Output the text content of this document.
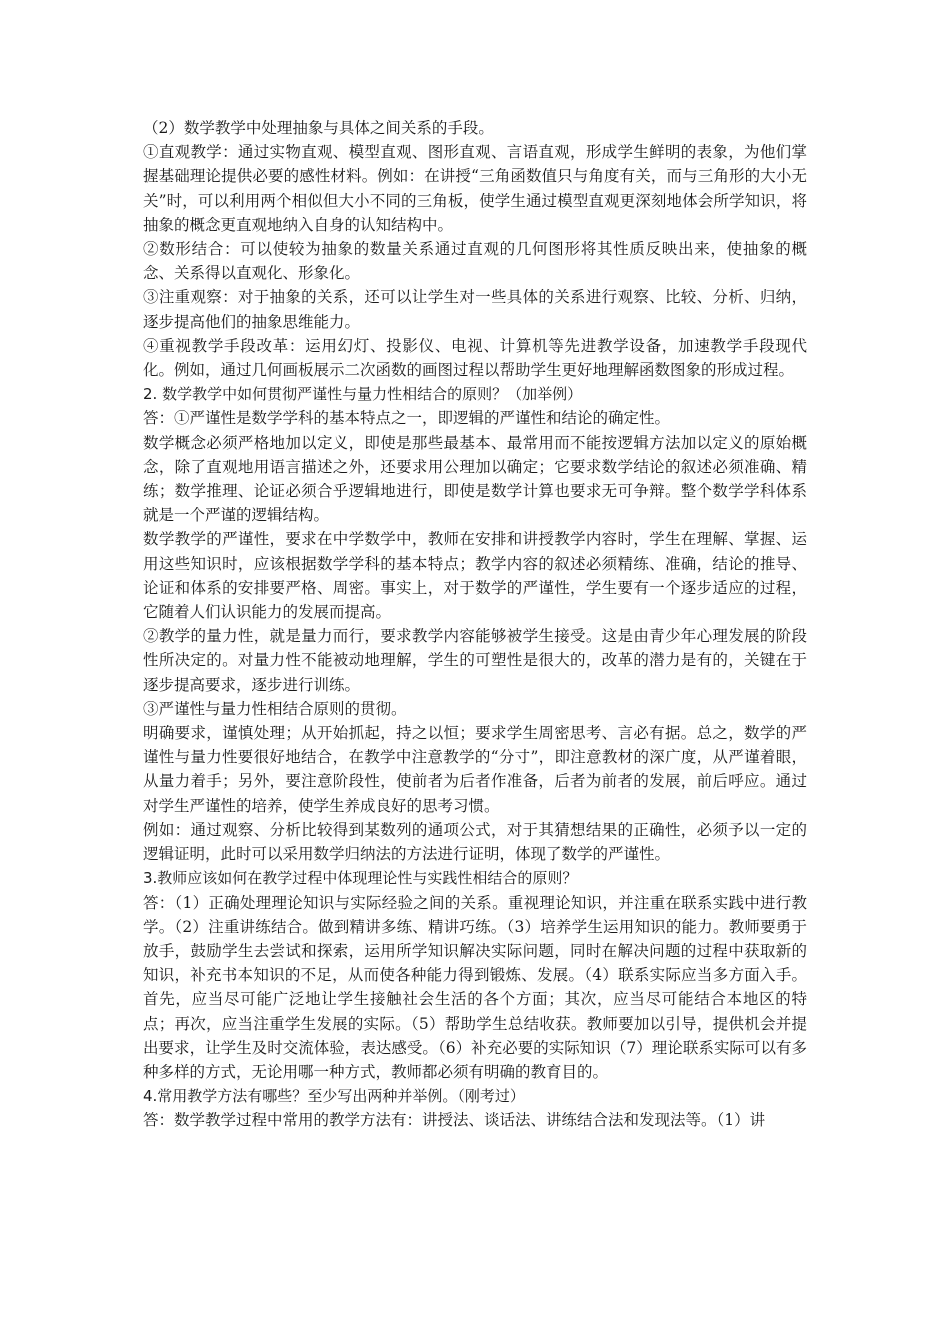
（2）数学教学中处理抽象与具体之间关系的手段。

①直观教学：通过实物直观、模型直观、图形直观、言语直观，形成学生鲜明的表象，为他们掌握基础理论提供必要的感性材料。例如：在讲授“三角函数值只与角度有关，而与三角形的大小无关”时，可以利用两个相似但大小不同的三角板，使学生通过模型直观更深刻地体会所学知识，将抽象的概念更直观地纳入自身的认知结构中。

②数形结合：可以使较为抽象的数量关系通过直观的几何图形将其性质反映出来，使抽象的概念、关系得以直观化、形象化。

③注重观察：对于抽象的关系，还可以让学生对一些具体的关系进行观察、比较、分析、归纳，逐步提高他们的抽象思维能力。

④重视教学手段改革：运用幻灯、投影仪、电视、计算机等先进教学设备，加速教学手段现代化。例如，通过几何画板展示二次函数的画图过程以帮助学生更好地理解函数图象的形成过程。

2. 数学教学中如何贯彻严谨性与量力性相结合的原则？（加举例）

答：①严谨性是数学学科的基本特点之一，即逻辑的严谨性和结论的确定性。

数学概念必须严格地加以定义，即使是那些最基本、最常用而不能按逻辑方法加以定义的原始概念，除了直观地用语言描述之外，还要求用公理加以确定；它要求数学结论的叙述必须准确、精练；数学推理、论证必须合乎逻辑地进行，即使是数学计算也要求无可争辩。整个数学学科体系就是一个严谨的逻辑结构。

数学教学的严谨性，要求在中学数学中，教师在安排和讲授教学内容时，学生在理解、掌握、运用这些知识时，应该根据数学学科的基本特点；教学内容的叙述必须精练、准确，结论的推导、论证和体系的安排要严格、周密。事实上，对于数学的严谨性，学生要有一个逐步适应的过程，它随着人们认识能力的发展而提高。

②教学的量力性，就是量力而行，要求教学内容能够被学生接受。这是由青少年心理发展的阶段性所决定的。对量力性不能被动地理解，学生的可塑性是很大的，改革的潜力是有的，关键在于逐步提高要求，逐步进行训练。

③严谨性与量力性相结合原则的贯彻。

明确要求，谨慎处理；从开始抓起，持之以恒；要求学生周密思考、言必有据。总之，数学的严谨性与量力性要很好地结合，在教学中注意教学的“分寸”，即注意教材的深广度，从严谨着眼，从量力着手；另外，要注意阶段性，使前者为后者作准备，后者为前者的发展，前后呼应。通过对学生严谨性的培养，使学生养成良好的思考习惯。

例如：通过观察、分析比较得到某数列的通项公式，对于其猜想结果的正确性，必须予以一定的逻辑证明，此时可以采用数学归纳法的方法进行证明，体现了数学的严谨性。

3.教师应该如何在教学过程中体现理论性与实践性相结合的原则？

答：（1）正确处理理论知识与实际经验之间的关系。重视理论知识，并注重在联系实践中进行教学。（2）注重讲练结合。做到精讲多练、精讲巧练。（3）培养学生运用知识的能力。教师要勇于放手，鼓励学生去尝试和探索，运用所学知识解决实际问题，同时在解决问题的过程中获取新的知识，补充书本知识的不足，从而使各种能力得到锻炼、发展。（4）联系实际应当多方面入手。首先，应当尽可能广泛地让学生接触社会生活的各个方面；其次，应当尽可能结合本地区的特点；再次，应当注重学生发展的实际。（5）帮助学生总结收获。教师要加以引导，提供机会并提出要求，让学生及时交流体验，表达感受。（6）补充必要的实际知识（7）理论联系实际可以有多种多样的方式，无论用哪一种方式，教师都必须有明确的教育目的。

4.常用教学方法有哪些？至少写出两种并举例。（刚考过）

答：数学教学过程中常用的教学方法有：讲授法、谈话法、讲练结合法和发现法等。（1）讲
